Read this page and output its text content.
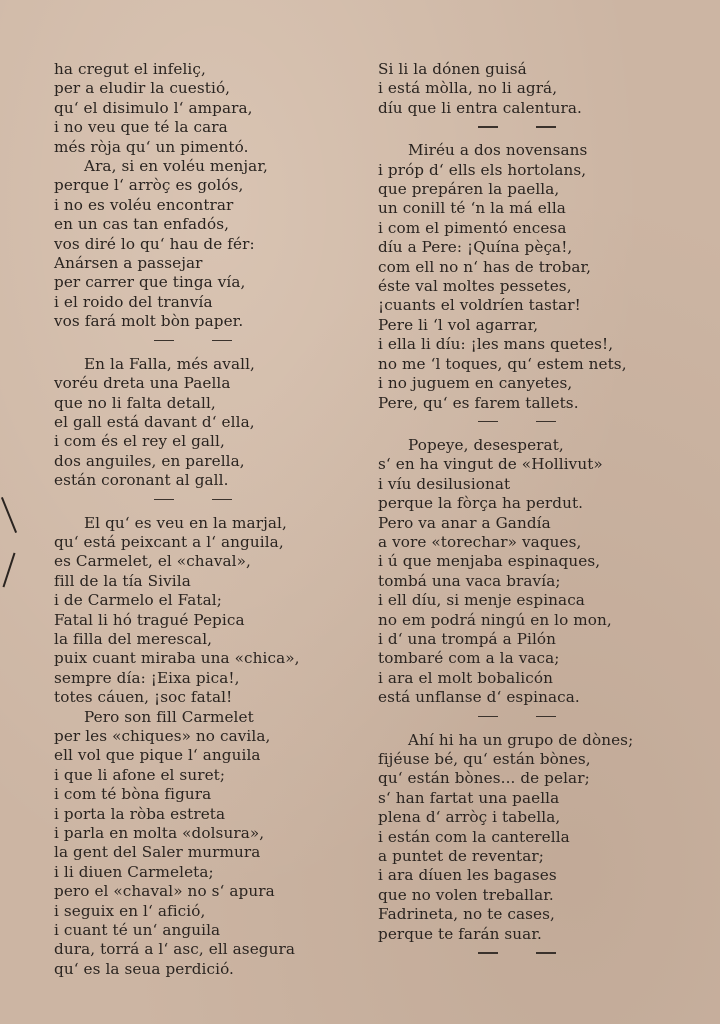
ha cregut el infeliç,
per a eludir la cuestió,
qu‘ el disimulo l‘ ampara,
i no veu que té la cara
més ròja qu‘ un pimentó.
Ara, si en voléu menjar,
perque l‘ arròç es golós,
i no es voléu encontrar
en un cas tan enfadós,
vos diré lo qu‘ hau de fér:
Anársen a passejar
per carrer que tinga vía,
i el roido del tranvía
vos fará molt bòn paper.
En la Falla, més avall,
voréu dreta una Paella
que no li falta detall,
el gall está davant d‘ ella,
i com és el rey el gall,
dos anguiles, en parella,
están coronant al gall.
El qu‘ es veu en la marjal,
qu‘ está peixcant a l‘ anguila,
es Carmelet, el «chaval»,
fill de la tía Sivila
i de Carmelo el Fatal;
Fatal li hó tragué Pepica
la filla del merescal,
puix cuant miraba una «chica»,
sempre día: ¡Eixa pica!,
totes cáuen, ¡soc fatal!
Pero son fill Carmelet
per les «chiques» no cavila,
ell vol que pique l‘ anguila
i que li afone el suret;
i com té bòna figura
i porta la ròba estreta
i parla en molta «dolsura»,
la gent del Saler murmura
i li diuen Carmeleta;
pero el «chaval» no s‘ apura
i seguix en l‘ afició,
i cuant té un‘ anguila
dura, torrá a l‘ asc, ell asegura
qu‘ es la seua perdició.
Si li la dónen guisá
i está mòlla, no li agrá,
díu que li entra calentura.
Miréu a dos novensans
i próp d‘ ells els hortolans,
que prepáren la paella,
un conill té ‘n la má ella
i com el pimentó encesa
díu a Pere: ¡Quína pèça!,
com ell no n‘ has de trobar,
éste val moltes pessetes,
¡cuants el voldríen tastar!
Pere li ‘l vol agarrar,
i ella li díu: ¡les mans quetes!,
no me ‘l toques, qu‘ estem nets,
i no juguem en canyetes,
Pere, qu‘ es farem tallets.
Popeye, desesperat,
s‘ en ha vingut de «Hollivut»
i víu desilusionat
perque la fòrça ha perdut.
Pero va anar a Gandía
a vore «torechar» vaques,
i ú que menjaba espinaques,
tombá una vaca bravía;
i ell díu, si menje espinaca
no em podrá ningú en lo mon,
i d‘ una trompá a Pilón
tombaré com a la vaca;
i ara el molt bobalicón
está unflanse d‘ espinaca.
Ahí hi ha un grupo de dònes;
fijéuse bé, qu‘ están bònes,
qu‘ están bònes... de pelar;
s‘ han fartat una paella
plena d‘ arròç i tabella,
i están com la canterella
a puntet de reventar;
i ara díuen les bagases
que no volen treballar.
Fadrineta, no te cases,
perque te farán suar.
